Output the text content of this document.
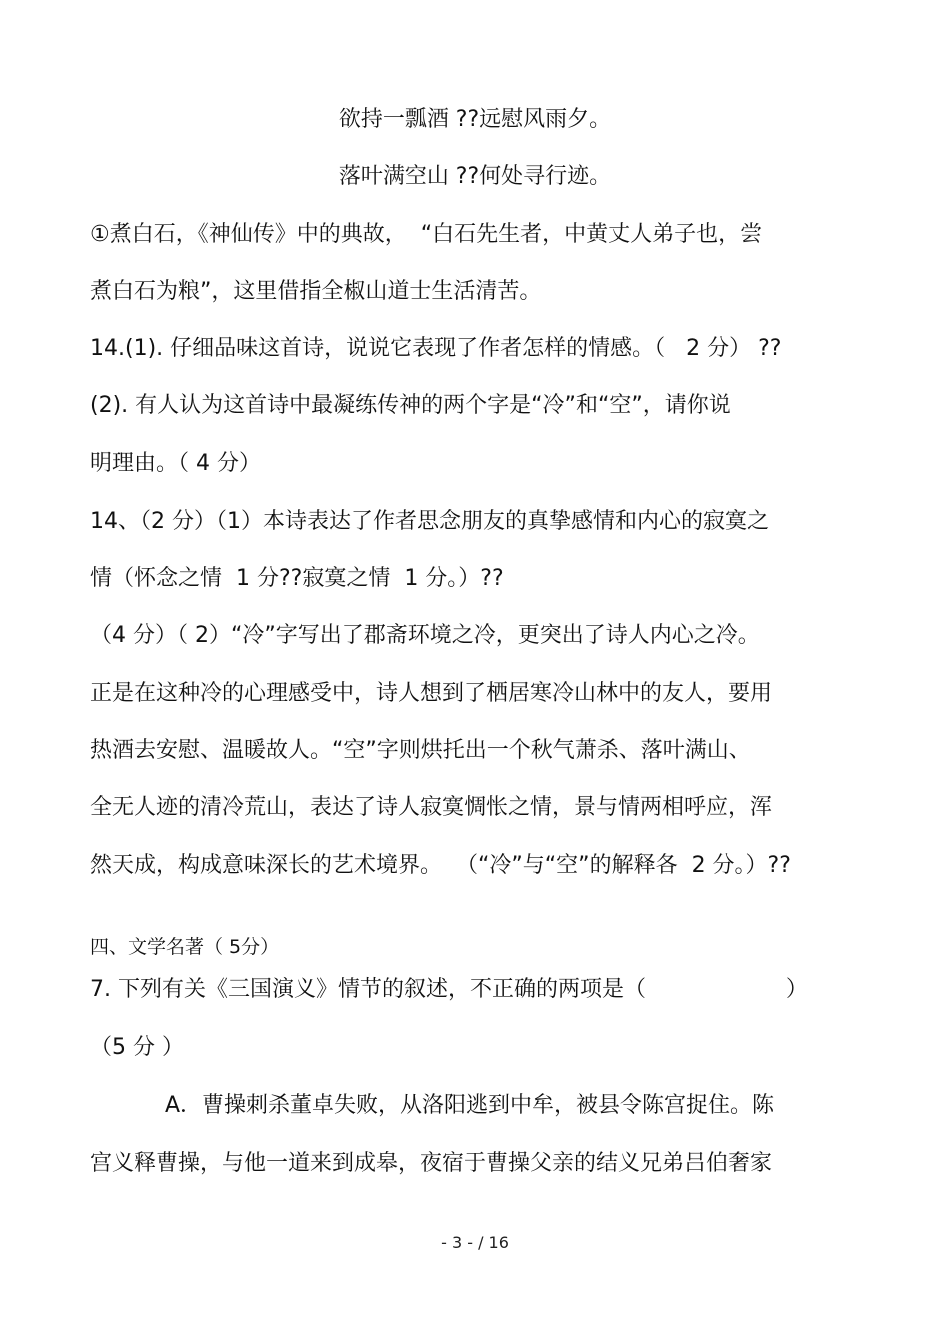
欲持一瓢酒 ??远慰风雨夕。
落叶满空山 ??何处寻行迹。
①煮白石，《神仙传》中的典故，  “白石先生者，中黄丈人弟子也，尝
煮白石为粮”，这里借指全椒山道士生活清苦。
14.(1). 仔细品味这首诗，说说它表现了作者怎样的情感。（   2 分） ??
(2). 有人认为这首诗中最凝练传神的两个字是“冷”和“空”，请你说
明理由。（ 4 分）
14、（2 分）（1）本诗表达了作者思念朋友的真挚感情和内心的寂寞之
情（怀念之情  1 分??寂寞之情  1 分。）??
（4 分）（ 2）“冷”字写出了郡斋环境之冷，更突出了诗人内心之冷。
正是在这种冷的心理感受中，诗人想到了栖居寒冷山林中的友人，要用
热酒去安慰、温暖故人。“空”字则烘托出一个秋气萧杀、落叶满山、
全无人迹的清冷荒山，表达了诗人寂寞惆怅之情，景与情两相呼应，浑
然天成，构成意味深长的艺术境界。  （“冷”与“空”的解释各  2 分。）??
四、文学名著（ 5分）
7. 下列有关《三国演义》情节的叙述，不正确的两项是（                    ）
（5 分 ）
A．曹操刺杀董卓失败，从洛阳逃到中牟，被县令陈宫捉住。陈
宫义释曹操，与他一道来到成皋，夜宿于曹操父亲的结义兄弟吕伯奢家
- 3 - / 16
